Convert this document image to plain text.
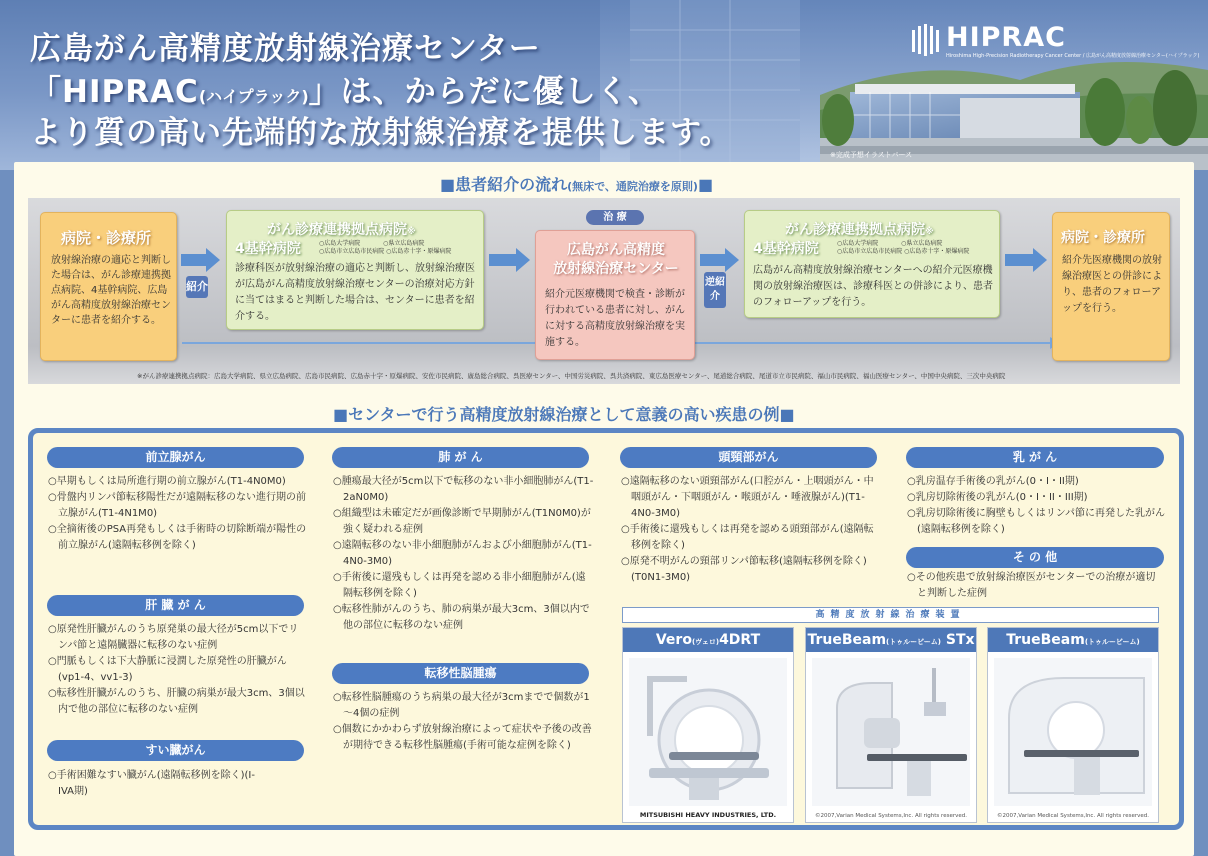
広島がん高精度放射線治療センター
「HIPRAC(ハイプラック)」は、からだに優しく、
より質の高い先端的な放射線治療を提供します。
HIPRAC
Hiroshima High-Precision Radiotherapy Cancer Center / 広島がん高精度放射線治療センター(ハイプラック)
※完成予想イラストパース
■患者紹介の流れ(無床で、通院治療を原則)■
病院・診療所
放射線治療の適応と判断した場合は、がん診療連携拠点病院、4基幹病院、広島がん高精度放射線治療センターに患者を紹介する。
紹介
がん診療連携拠点病院※
4基幹病院	○広島大学病院	○県立広島病院
○広島市立広島市民病院 ○広島赤十字・原爆病院
診療科医が放射線治療の適応と判断し、放射線治療医が広島がん高精度放射線治療センターの治療対応方針に当てはまると判断した場合は、センターに患者を紹介する。
治 療
広島がん高精度
放射線治療センター
紹介元医療機関で検査・診断が行われている患者に対し、がんに対する高精度放射線治療を実施する。
逆紹介
がん診療連携拠点病院※
4基幹病院	○広島大学病院	○県立広島病院
○広島市立広島市民病院 ○広島赤十字・原爆病院
広島がん高精度放射線治療センターへの紹介元医療機関の放射線治療医は、診療科医との併診により、患者のフォローアップを行う。
病院・診療所
紹介先医療機関の放射線治療医との併診により、患者のフォローアップを行う。
※がん診療連携拠点病院：広島大学病院、県立広島病院、広島市民病院、広島赤十字・原爆病院、安佐市民病院、廣島総合病院、呉医療センター、中国労災病院、呉共済病院、東広島医療センター、尾道総合病院、尾道市立市民病院、福山市民病院、福山医療センター、中国中央病院、三次中央病院
■センターで行う高精度放射線治療として意義の高い疾患の例■
前立腺がん
○早期もしくは局所進行期の前立腺がん(T1-4N0M0)
○骨盤内リンパ節転移陽性だが遠隔転移のない進行期の前立腺がん(T1-4N1M0)
○全摘術後のPSA再発もしくは手術時の切除断端が陽性の前立腺がん(遠隔転移例を除く)
肝 臓 が ん
○原発性肝臓がんのうち原発巣の最大径が5cm以下でリンパ節と遠隔臓器に転移のない症例
○門脈もしくは下大静脈に浸潤した原発性の肝臓がん(vp1-4、vv1-3)
○転移性肝臓がんのうち、肝臓の病巣が最大3cm、3個以内で他の部位に転移のない症例
すい臓がん
○手術困難なすい臓がん(遠隔転移例を除く)(I-IVA期)
肺 が ん
○腫瘍最大径が5cm以下で転移のない非小細胞肺がん(T1-2aN0M0)
○組織型は未確定だが画像診断で早期肺がん(T1N0M0)が強く疑われる症例
○遠隔転移のない非小細胞肺がんおよび小細胞肺がん(T1-4N0-3M0)
○手術後に還残もしくは再発を認める非小細胞肺がん(遠隔転移例を除く)
○転移性肺がんのうち、肺の病巣が最大3cm、3個以内で他の部位に転移のない症例
転移性脳腫瘍
○転移性脳腫瘍のうち病巣の最大径が3cmまでで個数が1～4個の症例
○個数にかかわらず放射線治療によって症状や予後の改善が期待できる転移性脳腫瘍(手術可能な症例を除く)
頭頸部がん
○遠隔転移のない頭頸部がん(口腔がん・上咽頭がん・中咽頭がん・下咽頭がん・喉頭がん・唾液腺がん)(T1-4N0-3M0)
○手術後に還残もしくは再発を認める頭頸部がん(遠隔転移例を除く)
○原発不明がんの頸部リンパ節転移(遠隔転移例を除く)(T0N1-3M0)
乳 が ん
○乳房温存手術後の乳がん(0・I・II期)
○乳房切除術後の乳がん(0・I・II・III期)
○乳房切除術後に胸壁もしくはリンパ節に再発した乳がん(遠隔転移例を除く)
そ の 他
○その他疾患で放射線治療医がセンターでの治療が適切と判断した症例
高精度放射線治療装置
Vero(ヴェロ)4DRT
MITSUBISHI HEAVY INDUSTRIES, LTD.
TrueBeam(トゥルービーム) STx
©2007,Varian Medical Systems,Inc. All rights reserved.
TrueBeam(トゥルービーム)
©2007,Varian Medical Systems,Inc. All rights reserved.
